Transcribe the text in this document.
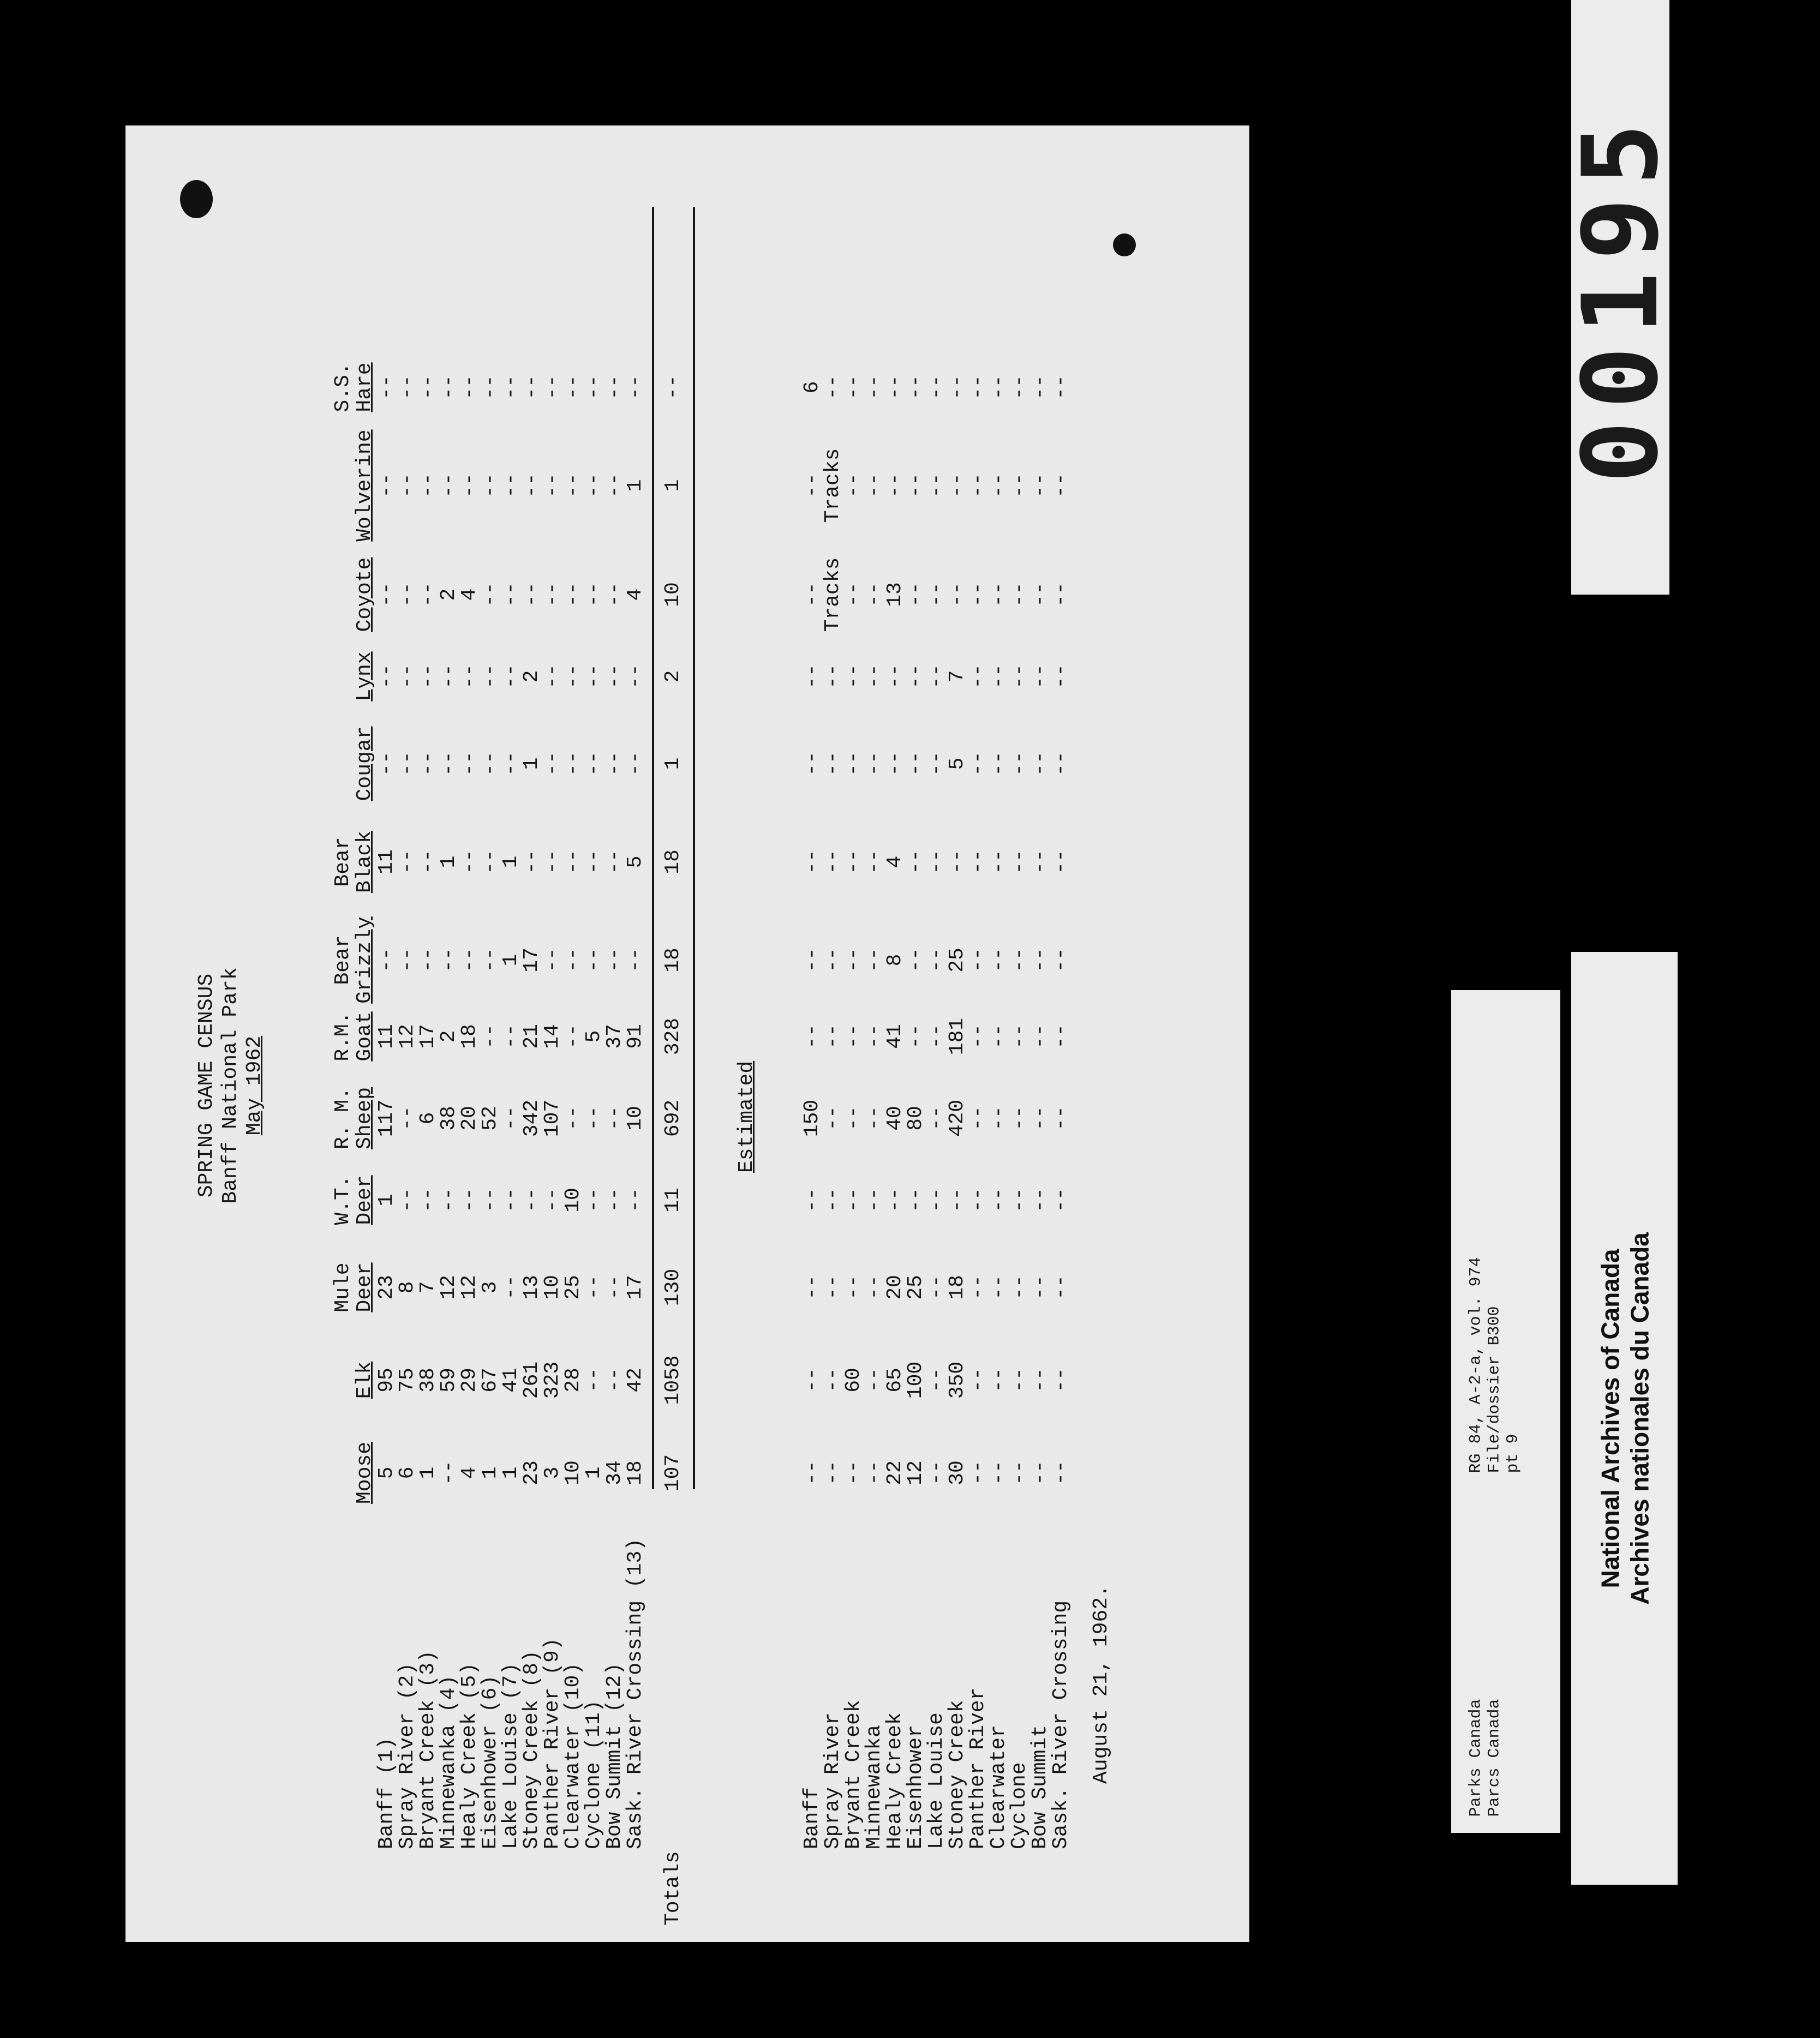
SPRING GAME CENSUS Banff National Park May 1962
Moose
Elk
Mule
Deer
W.T.
Deer
R. M.
Sheep
R.M.
Goat
Bear
Grizzly
Bear
Black
Cougar
Lynx
Coyote
Wolverine
S.S.
Hare
Banff (1)
5
95
23
1
117
11
--
11
--
--
--
--
--
Spray River (2)
6
75
8
--
--
12
--
--
--
--
--
--
--
Bryant Creek (3)
1
38
7
--
6
17
--
--
--
--
--
--
--
Minnewanka (4)
--
59
12
--
38
2
--
1
--
--
2
--
--
Healy Creek (5)
4
29
12
--
20
18
--
--
--
--
4
--
--
Eisenhower (6)
1
67
3
--
52
--
--
--
--
--
--
--
--
Lake Louise (7)
1
41
--
--
--
--
1
1
--
--
--
--
--
Stoney Creek (8)
23
261
13
--
342
21
17
--
1
2
--
--
--
Panther River (9)
3
323
10
--
107
14
--
--
--
--
--
--
--
Clearwater (10)
10
28
25
10
--
--
--
--
--
--
--
--
--
Cyclone (11)
1
--
--
--
--
5
--
--
--
--
--
--
--
Bow Summit (12)
34
--
--
--
--
37
--
--
--
--
--
--
--
Sask. River Crossing (13)
18
42
17
--
10
91
--
5
--
--
4
1
--
Totals
107
1058
130
11
692
328
18
18
1
2
10
1
--
Estimated
Banff
--
--
--
--
150
--
--
--
--
--
--
--
6
Spray River
--
--
--
--
--
--
--
--
--
--
Tracks
Tracks
--
Bryant Creek
--
60
--
--
--
--
--
--
--
--
--
--
--
Minnewanka
--
--
--
--
--
--
--
--
--
--
--
--
--
Healy Creek
22
65
20
--
40
41
8
4
--
--
13
--
--
Eisenhower
12
100
25
--
80
--
--
--
--
--
--
--
--
Lake Louise
--
--
--
--
--
--
--
--
--
--
--
--
--
Stoney Creek
30
350
18
--
420
181
25
--
5
7
--
--
--
Panther River
--
--
--
--
--
--
--
--
--
--
--
--
--
Clearwater
--
--
--
--
--
--
--
--
--
--
--
--
--
Cyclone
--
--
--
--
--
--
--
--
--
--
--
--
--
Bow Summit
--
--
--
--
--
--
--
--
--
--
--
--
--
Sask. River Crossing
--
--
--
--
--
--
--
--
--
--
--
--
--
August 21, 1962.
00195
Parks Canada Parcs Canada
RG 84, A-2-a, vol. 974 File/dossier B300 pt 9	National Archives of Canada Archives nationales du Canada
